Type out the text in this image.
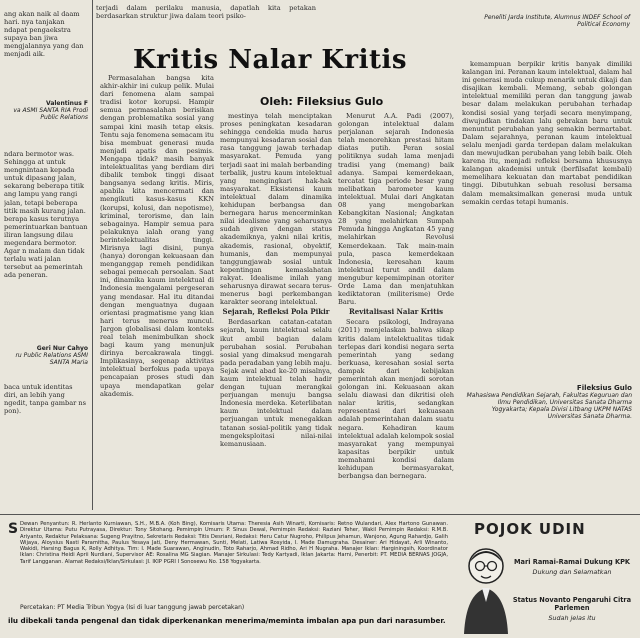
ang akan naik al daam hari. nya tanjakan ndapat pengaekstra supaya ban jiwa mengjalannya yang dan menjadi aik.
Valentinus F
va ASMI SANTA RIA Prodi Public Relations
ndara bermotor was. Sehingga at untuk mengnintaan kepada untuk dipasang jalan, sekarang beberapa titik ang lampu yang rangi jalan, tetapi beberapa titik masih kurang jalan. berapa kasus terutnya pemerintuarkan bantuan iliran langsung dilau megendara bermotor. Agar n malam dan tidak terlalu wati jalan tersebut aa pemerintah ada peneran.
Geri Nur Cahyo
ru Public Relations ASMI SANTA Maria
baca untuk identitas diri, an lebih yang ngedit, tanpa gambar ns pon).
terjadi dalam perilaku manusia, dapatlah kita petakan berdasarkan struktur jiwa dalam teori psiko-	Peneliti Jarda Institute, Alumnus INDEF School of Political Economy
Kritis Nalar Kritis
Oleh: Fileksius Gulo

Permasalahan bangsa kita akhir-akhir ini cukup pelik. Mulai dari fenomena alam sampai tradisi kotor korupsi. Hampir semua permasalahan berisikan dengan problematika sosial yang sampai kini masih tetap eksis. Tentu saja fenomena semacam itu bisa membuat generasi muda menjadi apatis dan pesimis. Mengapa tidak? masih banyak intelektualitas yang berdiam diri dibalik tembok tinggi disaat bangsanya sedang kritis. Miris, apabila kita mencermati dan mengikuti kasus-kasus KKN (korupsi, kolusi, dan nepotisme), kriminal, terorisme, dan lain sebagainya. Hampir semua para pelakuknya ialah orang yang berintelektualitas tinggi. Mirisnya lagi disini, punya (hanya) dorongan kekuasaan dan menganggap remeh pendidikan sebagai pemecah persoalan. Saat ini, dinamika kaum intelektual di Indonesia mengalami pergeseran yang mendasar. Hal itu ditandai dengan menguatnya dugaan orientasi pragmatisme yang kian hari terus menerus muncul. Jargon globalisasi dalam konteks real telah menimbulkan shock bagi kaum yang menunjuk dirinya bercakrawala tinggi. Implikasinya, segenap aktivitas intelektual berfokus pada upaya pencapaian proses studi dan upaya mendapatkan gelar akademis.

mestinya telah menciptakan proses peningkatan kesadaran sehingga cendekia muda harus mempunyai kesadaran sosial dan rasa tanggung jawab terhadap masyarakat. Pemuda yang terjadi saat ini malah berbanding terbalik, justru kaum intelektual yang mengingkari hak-hak masyarakat. Eksistensi kaum intelektual dalam dinamika kehidupan berbangsa dan bernegara harus mencerminkan nilai idealisme yang seharusnya sudah given dengan status akademiknya, yakni nilai kritis, akademis, rasional, obyektif, humanis, dan mempunyai tanggungjawab sosial untuk kepentingan kemaslahatan rakyat. Idealisme inilah yang seharusnya dirawat secara terus-menerus bagi perkembangan karakter seorang intelektual.

Sejarah, Refleksi Pola Pikir

Berdasarkan catatan-catatan sejarah, kaum intelektual selalu ikut ambil bagian dalam perubahan sosial. Perubahan sosial yang dimaksud mengarah pada peradaban yang lebih maju. Sejak awal abad ke-20 misalnya, kaum intelektual telah hadir dengan tujuan merangkai perjuangan menuju bangsa Indonesia merdeka. Keterlibatan kaum intelektual dalam perjuangan untuk menegakkan tatanan sosial-politik yang tidak mengeksploitasi nilai-nilai kemanusiaan.

Menurut A.A. Padi (2007), golongan intelektual dalam perjalanan sejarah Indonesia telah menorehkan prestasi hitam diatas putih. Peran sosial politiknya sudah lama menjadi tradisi yang (memang) baik adanya. Sampai kemerdekaan, tercatat tiga periode besar yang melibatkan barometer kaum intelektual. Mulai dari Angkatan 08 yang mengobarkan Kebangkitan Nasional; Angkatan 28 yang melahirkan Sumpah Pemuda hingga Angkatan 45 yang melahirkan Revolusi Kemerdekaan. Tak main-main pula, pasca kemerdekaan Indonesia, keresahan kaum intelektual turut andil dalam mengubur kepemimpinan otoriter Orde Lama dan menjatuhkan kediktatoran (militerisme) Orde Baru.

Revitalisasi Nalar Kritis

Secara psikologi, Indrayana (2011) menjelaskan bahwa sikap kritis dalam intelektualitas tidak terlepas dari kondisi negara serta pemerintah yang sedang berkuasa, keresahan sosial serta dampak dari kebijakan pemerintah akan menjadi sorotan golongan ini. Kekuasaan akan selalu diawasi dan dikritisi oleh nalar kritis, sedangkan representasi dari kekuasaan adalah pemerintahan dalam suatu negara. Kehadiran kaum intelektual adalah kelompok sosial masyarakat yang mempunyai kapasitas berpikir untuk memahami kondisi dalam kehidupan bermasyarakat, berbangsa dan bernegara.

kemampuan berpikir kritis banyak dimiliki kalangan ini. Peranan kaum intelektual, dalam hal ini generasi muda cukup menarik untuk dikaji dan disajikan kembali. Memang, sebab golongan intelektual memiliki peran dan tanggung jawab besar dalam melakukan perubahan terhadap kondisi sosial yang terjadi secara menyimpang, diwujudkan tindakan lalu gebrakan baru untuk menuntut perubahan yang semakin bermartabat. Dalam sejarahnya, peranan kaum intelektual selalu menjadi garda terdepan dalam melakukan dan mewujudkan perubahan yang lebih baik. Oleh karena itu, menjadi refleksi bersama khususnya kalangan akademisi untuk (berfilsafat kembali) memelihara kekuatan dan martabat pendidikan tinggi. Dibutuhkan sebuah resolusi bersama dalam memaksimalkan generasi muda untuk semakin cerdas tetapi humanis.

Fileksius Gulo
Mahasiswa Pendidikan Sejarah, Fakultas Keguruan dan Ilmu Pendidikan, Universitas Sanata Dharma Yogyakarta; Kepala Divisi Litbang UKPM NATAS Universitas Sanata Dharma.
S Dewan Penyantun: R. Herlanto Kurniawan, S.H., M.B.A. (Koh Bing), Komisaris Utama: Theresia Asih Winarti, Komisaris: Retno Wulandari, Alex Hartono Gunawan. Direktur Utama: Putu Putrayasa, Direktur: Tony Sitohang. Pemimpin Umum: P. Sinus Dewal, Pemimpin Redaksi: Raziani Teher, Wakil Pemimpin Redaksi: R.M.B. Ariyanto, Redaktur Pelaksana: Sugeng Prayitno, Sekretaris Redaksi: Titis Desriani, Redaksi: Heru Catur Nugroho, Philipus Jehamun, Wanjono, Agung Rahardjo, Galih Wijaya, Aloysius Nasti Paramitha, Paulus Yesaya Jati, Deny Hermawan, Sunti, Melati, Latiwa Rosyida, I. Made Damugraha. Desainer: Ari Hidayat, Arli Winanto, Wakidi, Harsing Bagus K, Rolly Adhitya. Tim: I. Made Suarawan, Anginudin, Toto Raharjo, Ahmad Ridho, Ari H Nugraha. Manajer Iklan: Harginingsih, Koordinator Iklan: Christina Heidi Aprii Nurdiani, Supervisor AE: Rosalina MG Siagian. Manajer Sirkulasi: Tedy Kartyadi, Iklan Jakarta: Harni, Penerbit: PT. MEDIA BERNAS JOGJA, Tarif Langganan. Alamat Redaksi/Iklan/Sirkulasi: Jl. IKIP PGRI I Sonosewu No. 158 Yogyakarta.
Percetakan: PT Media Tribun Yogya (Isi di luar tanggung jawab percetakan)
ilu dibekali tanda pengenal dan tidak diperkenankan menerima/meminta imbalan apa pun dari narasumber.
POJOK UDIN
Mari Ramai-Ramai Dukung KPK
Dukung dan Selamatkan
Status Novanto Pengaruhi Citra Parlemen
Sudah jelas itu
